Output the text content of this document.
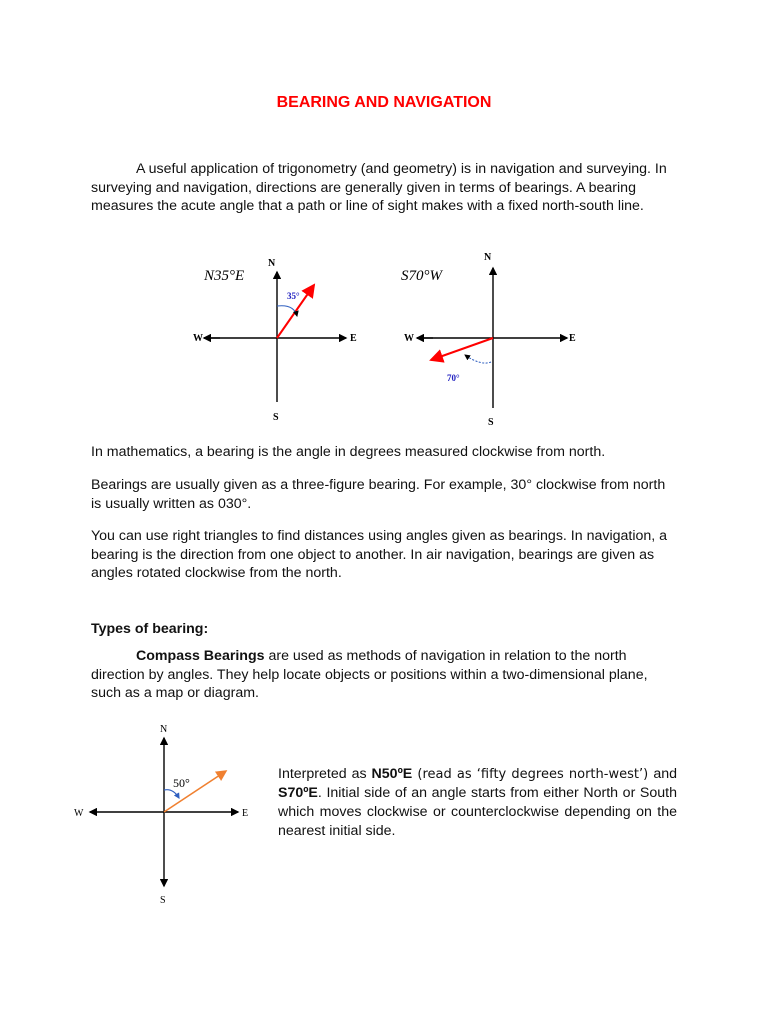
BEARING AND NAVIGATION

A useful application of trigonometry (and geometry) is in navigation and surveying. In surveying and navigation, directions are generally given in terms of bearings. A bearing measures the acute angle that a path or line of sight makes with a fixed north-south line.

N35°E
35°
N
S
E
W
S70°W
70°
N
S
E
W

In mathematics, a bearing is the angle in degrees measured clockwise from north.

Bearings are usually given as a three-figure bearing. For example, 30° clockwise from north is usually written as 030°.

You can use right triangles to find distances using angles given as bearings. In navigation, a bearing is the direction from one object to another. In air navigation, bearings are given as angles rotated clockwise from the north.

Types of bearing:

Compass Bearings are used as methods of navigation in relation to the north direction by angles. They help locate objects or positions within a two-dimensional plane, such as a map or diagram.

50°
N
S
E
W

Interpreted as N50ºE (read as ‘fifty degrees north-west’) and S70ºE. Initial side of an angle starts from either North or South which moves clockwise or counterclockwise depending on the nearest initial side.
